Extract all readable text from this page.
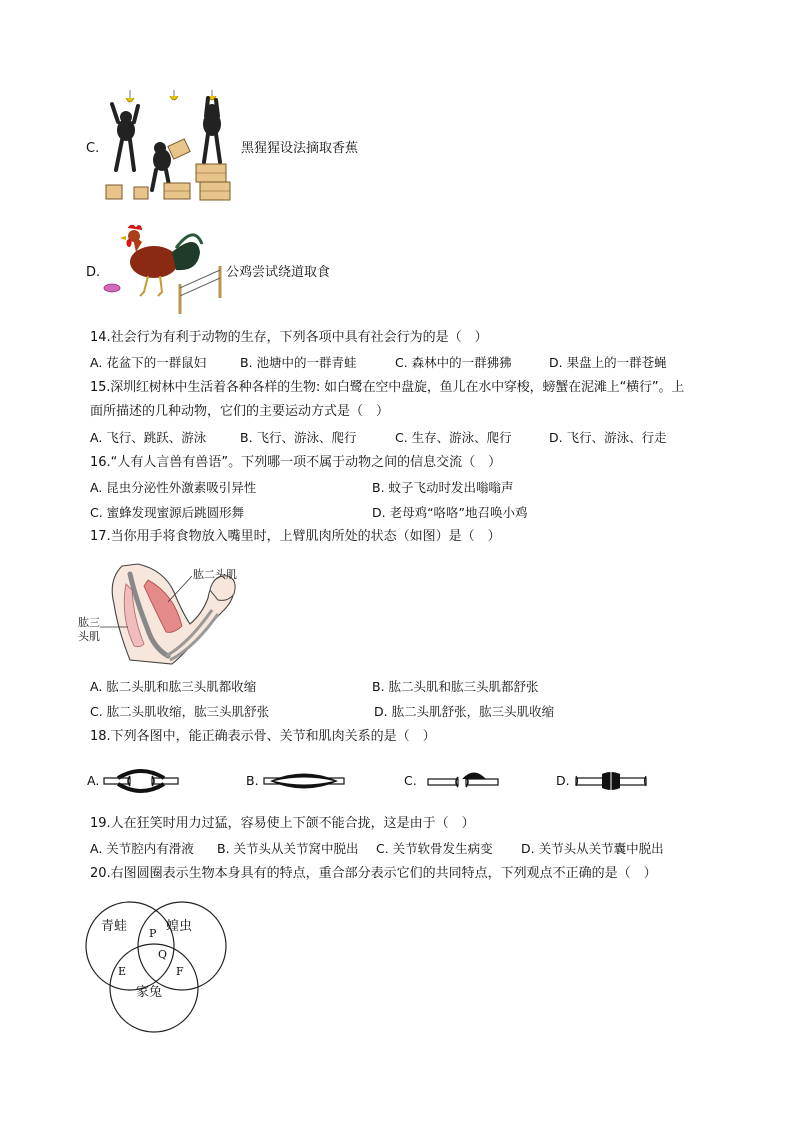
C.	黑猩猩设法摘取香蕉
D.	公鸡尝试绕道取食
14.社会行为有利于动物的生存，下列各项中具有社会行为的是（　）
A. 花盆下的一群鼠妇	B. 池塘中的一群青蛙	C. 森林中的一群狒狒	D. 果盘上的一群苍蝇
15.深圳红树林中生活着各种各样的生物: 如白鹭在空中盘旋，鱼儿在水中穿梭，螃蟹在泥滩上“横行”。上
面所描述的几种动物，它们的主要运动方式是（　）
A. 飞行、跳跃、游泳	B. 飞行、游泳、爬行	C. 生存、游泳、爬行	D. 飞行、游泳、行走
16.“人有人言兽有兽语”。下列哪一项不属于动物之间的信息交流（　）
A. 昆虫分泌性外激素吸引异性	B. 蚊子飞动时发出嗡嗡声
C. 蜜蜂发现蜜源后跳圆形舞	D. 老母鸡“咯咯”地召唤小鸡
17.当你用手将食物放入嘴里时，上臂肌肉所处的状态（如图）是（　）
肱二头肌
肱三
头肌
A. 肱二头肌和肱三头肌都收缩	B. 肱二头肌和肱三头肌都舒张
C. 肱二头肌收缩，肱三头肌舒张	D. 肱二头肌舒张，肱三头肌收缩
18.下列各图中，能正确表示骨、关节和肌肉关系的是（　）
A.	B.	C.	D.
19.人在狂笑时用力过猛，容易使上下颌不能合拢，这是由于（　）
A. 关节腔内有滑液 B. 关节头从关节窝中脱出 C. 关节软骨发生病变 D. 关节头从关节囊中脱出
20.右图圆圈表示生物本身具有的特点，重合部分表示它们的共同特点，下列观点不正确的是（　）
青蛙	蝗虫
家兔
P
Q
E	F
